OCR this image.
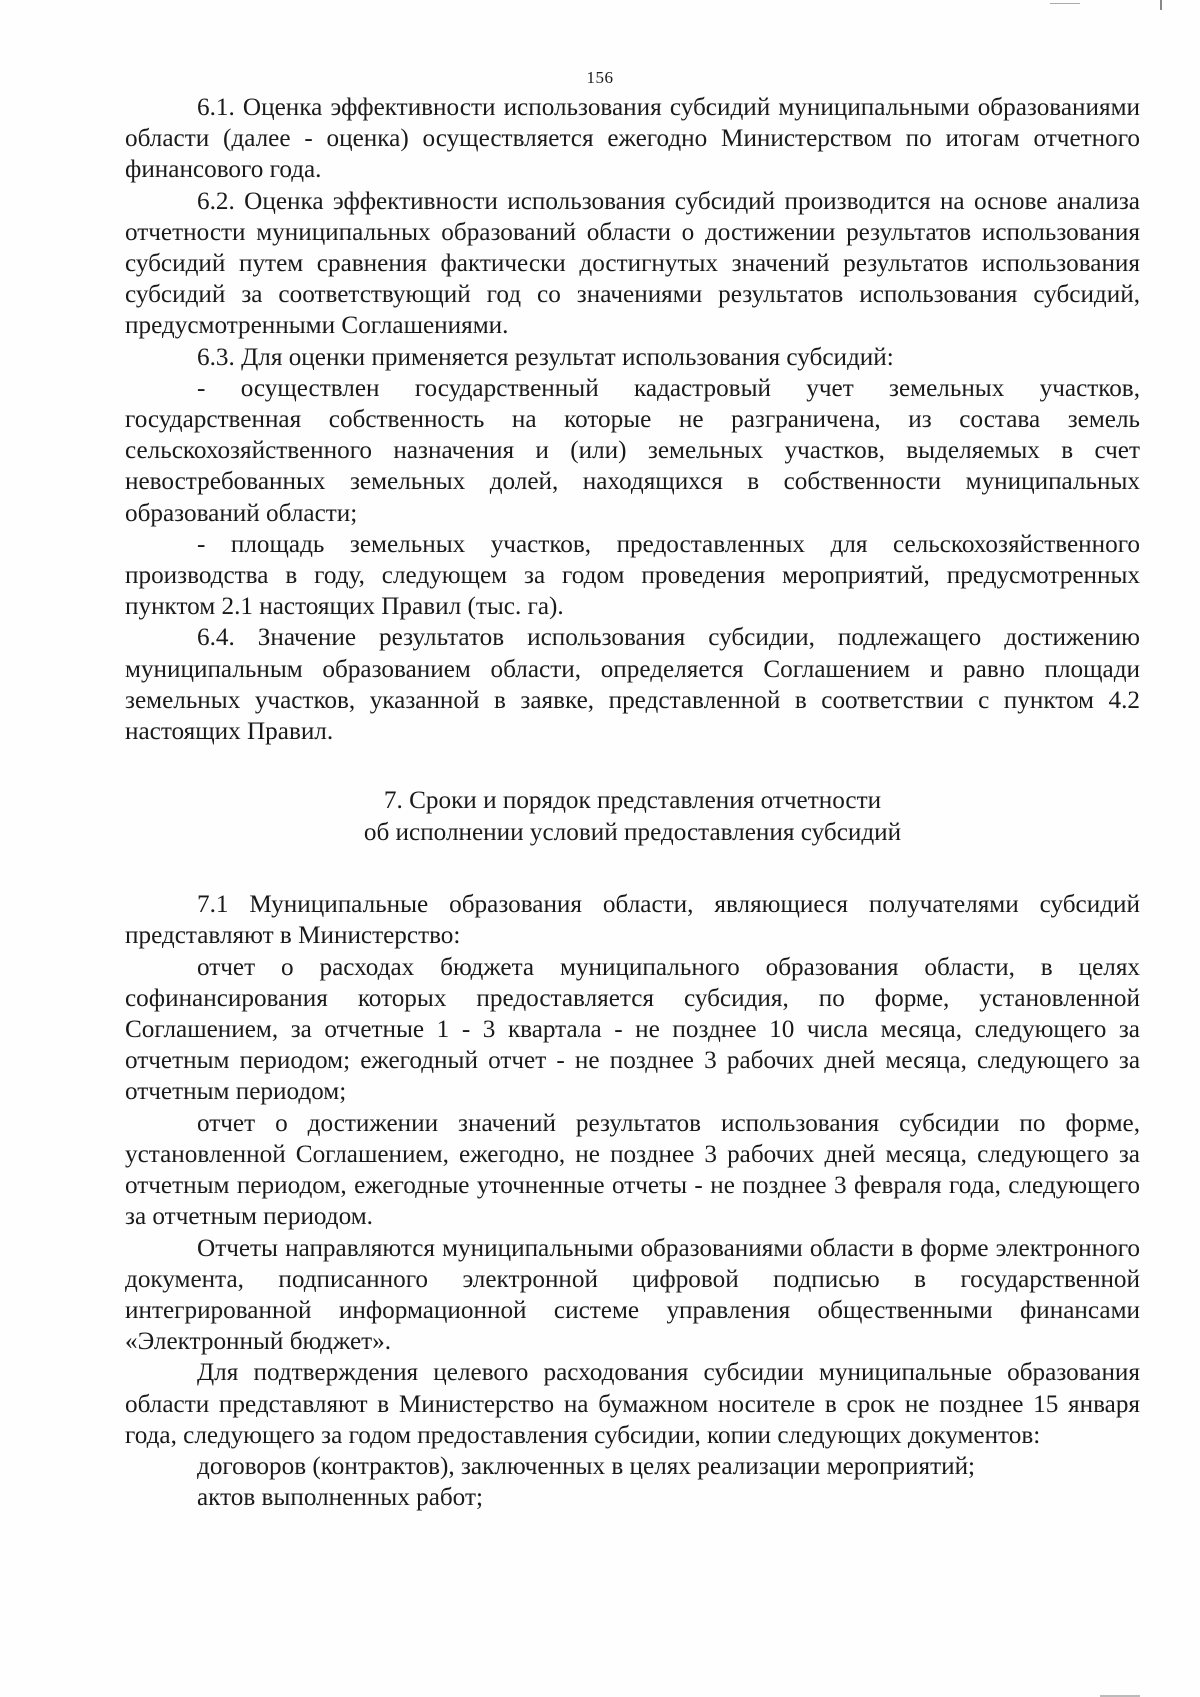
156

6.1. Оценка эффективности использования субсидий муниципальными образованиями области (далее - оценка) осуществляется ежегодно Министерством по итогам отчетного финансового года.

6.2. Оценка эффективности использования субсидий производится на основе анализа отчетности муниципальных образований области о достижении результатов использования субсидий путем сравнения фактически достигнутых значений результатов использования субсидий за соответствующий год со значениями результатов использования субсидий, предусмотренными Соглашениями.

6.3. Для оценки применяется результат использования субсидий:

- осуществлен государственный кадастровый учет земельных участков, государственная собственность на которые не разграничена, из состава земель сельскохозяйственного назначения и (или) земельных участков, выделяемых в счет невостребованных земельных долей, находящихся в собственности муниципальных образований области;

- площадь земельных участков, предоставленных для сельскохозяйственного производства в году, следующем за годом проведения мероприятий, предусмотренных пунктом 2.1 настоящих Правил (тыс. га).

6.4. Значение результатов использования субсидии, подлежащего достижению муниципальным образованием области, определяется Соглашением и равно площади земельных участков, указанной в заявке, представленной в соответствии с пунктом 4.2 настоящих Правил.

7. Сроки и порядок представления отчетности
об исполнении условий предоставления субсидий

7.1 Муниципальные образования области, являющиеся получателями субсидий представляют в Министерство:

отчет о расходах бюджета муниципального образования области, в целях софинансирования которых предоставляется субсидия, по форме, установленной Соглашением, за отчетные 1 - 3 квартала - не позднее 10 числа месяца, следующего за отчетным периодом; ежегодный отчет - не позднее 3 рабочих дней месяца, следующего за отчетным периодом;

отчет о достижении значений результатов использования субсидии по форме, установленной Соглашением, ежегодно, не позднее 3 рабочих дней месяца, следующего за отчетным периодом, ежегодные уточненные отчеты - не позднее 3 февраля года, следующего за отчетным периодом.

Отчеты направляются муниципальными образованиями области в форме электронного документа, подписанного электронной цифровой подписью в государственной интегрированной информационной системе управления общественными финансами «Электронный бюджет».

Для подтверждения целевого расходования субсидии муниципальные образования области представляют в Министерство на бумажном носителе в срок не позднее 15 января года, следующего за годом предоставления субсидии, копии следующих документов:

договоров (контрактов), заключенных в целях реализации мероприятий;

актов выполненных работ;
